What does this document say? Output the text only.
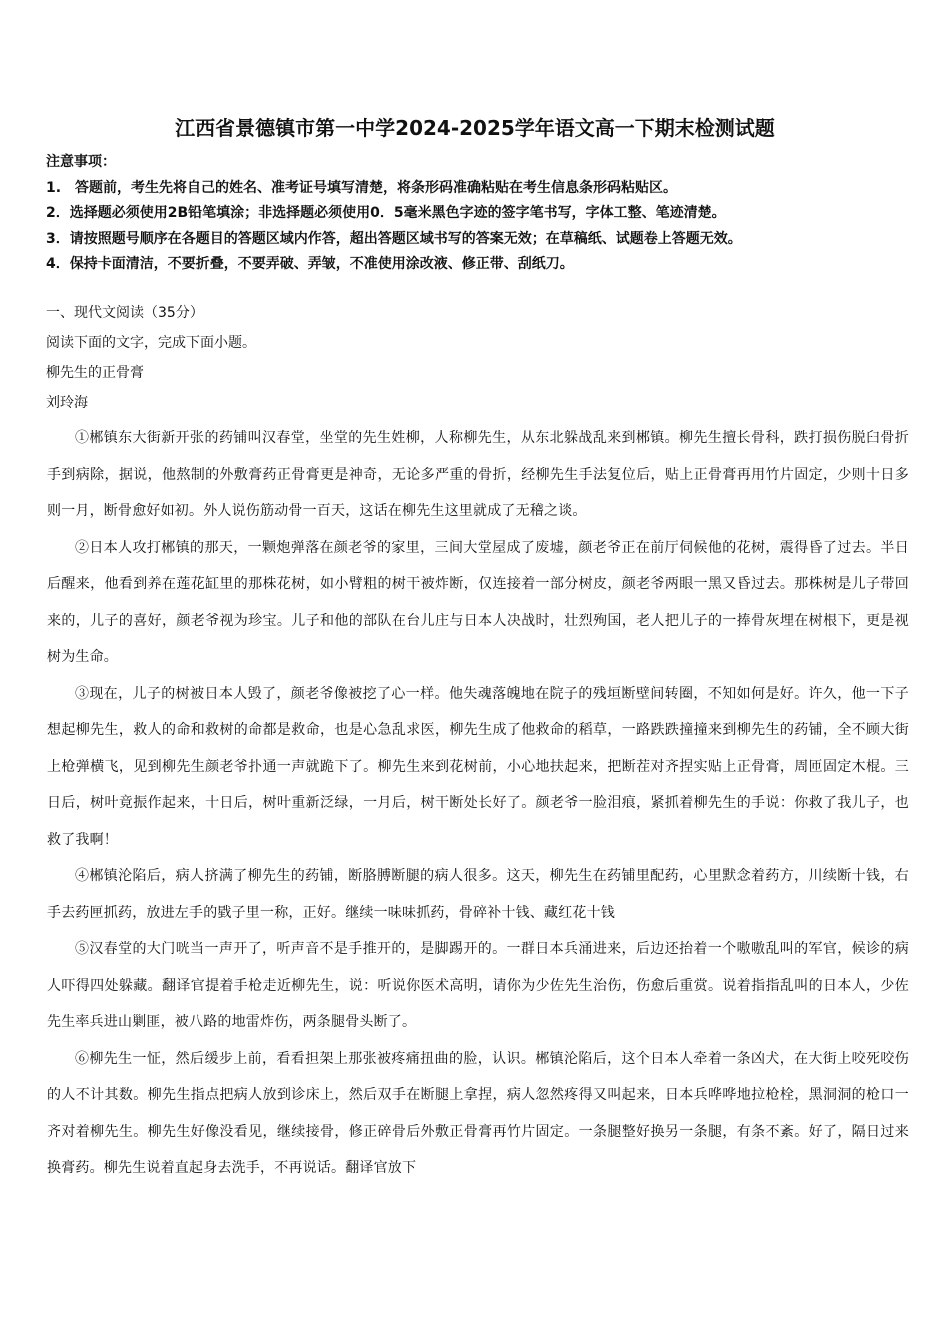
江西省景德镇市第一中学2024-2025学年语文高一下期末检测试题
注意事项：
1.　答题前，考生先将自己的姓名、准考证号填写清楚，将条形码准确粘贴在考生信息条形码粘贴区。
2．选择题必须使用2B铅笔填涂；非选择题必须使用0．5毫米黑色字迹的签字笔书写，字体工整、笔迹清楚。
3．请按照题号顺序在各题目的答题区域内作答，超出答题区域书写的答案无效；在草稿纸、试题卷上答题无效。
4．保持卡面清洁，不要折叠，不要弄破、弄皱，不准使用涂改液、修正带、刮纸刀。
一、现代文阅读（35分）
阅读下面的文字，完成下面小题。
柳先生的正骨膏
刘玲海

①郴镇东大街新开张的药铺叫汉春堂，坐堂的先生姓柳，人称柳先生，从东北躲战乱来到郴镇。柳先生擅长骨科，跌打损伤脱臼骨折手到病除，据说，他熬制的外敷膏药正骨膏更是神奇，无论多严重的骨折，经柳先生手法复位后，贴上正骨膏再用竹片固定，少则十日多则一月，断骨愈好如初。外人说伤筋动骨一百天，这话在柳先生这里就成了无稽之谈。

②日本人攻打郴镇的那天，一颗炮弹落在颜老爷的家里，三间大堂屋成了废墟，颜老爷正在前厅伺候他的花树，震得昏了过去。半日后醒来，他看到养在莲花缸里的那株花树，如小臂粗的树干被炸断，仅连接着一部分树皮，颜老爷两眼一黑又昏过去。那株树是儿子带回来的，儿子的喜好，颜老爷视为珍宝。儿子和他的部队在台儿庄与日本人决战时，壮烈殉国，老人把儿子的一捧骨灰埋在树根下，更是视树为生命。

③现在，儿子的树被日本人毁了，颜老爷像被挖了心一样。他失魂落魄地在院子的残垣断壁间转圈，不知如何是好。许久，他一下子想起柳先生，救人的命和救树的命都是救命，也是心急乱求医，柳先生成了他救命的稻草，一路跌跌撞撞来到柳先生的药铺，全不顾大街上枪弹横飞，见到柳先生颜老爷扑通一声就跪下了。柳先生来到花树前，小心地扶起来，把断茬对齐捏实贴上正骨膏，周匝固定木棍。三日后，树叶竟振作起来，十日后，树叶重新泛绿，一月后，树干断处长好了。颜老爷一脸泪痕，紧抓着柳先生的手说：你救了我儿子，也救了我啊！

④郴镇沦陷后，病人挤满了柳先生的药铺，断胳膊断腿的病人很多。这天，柳先生在药铺里配药，心里默念着药方，川续断十钱，右手去药匣抓药，放进左手的戥子里一称，正好。继续一味味抓药，骨碎补十钱、藏红花十钱

⑤汉春堂的大门咣当一声开了，听声音不是手推开的，是脚踢开的。一群日本兵涌进来，后边还抬着一个嗷嗷乱叫的军官，候诊的病人吓得四处躲藏。翻译官提着手枪走近柳先生，说：听说你医术高明，请你为少佐先生治伤，伤愈后重赏。说着指指乱叫的日本人，少佐先生率兵进山剿匪，被八路的地雷炸伤，两条腿骨头断了。

⑥柳先生一怔，然后缓步上前，看看担架上那张被疼痛扭曲的脸，认识。郴镇沦陷后，这个日本人牵着一条凶犬，在大街上咬死咬伤的人不计其数。柳先生指点把病人放到诊床上，然后双手在断腿上拿捏，病人忽然疼得又叫起来，日本兵哗哗地拉枪栓，黑洞洞的枪口一齐对着柳先生。柳先生好像没看见，继续接骨，修正碎骨后外敷正骨膏再竹片固定。一条腿整好换另一条腿，有条不紊。好了，隔日过来换膏药。柳先生说着直起身去洗手，不再说话。翻译官放下
